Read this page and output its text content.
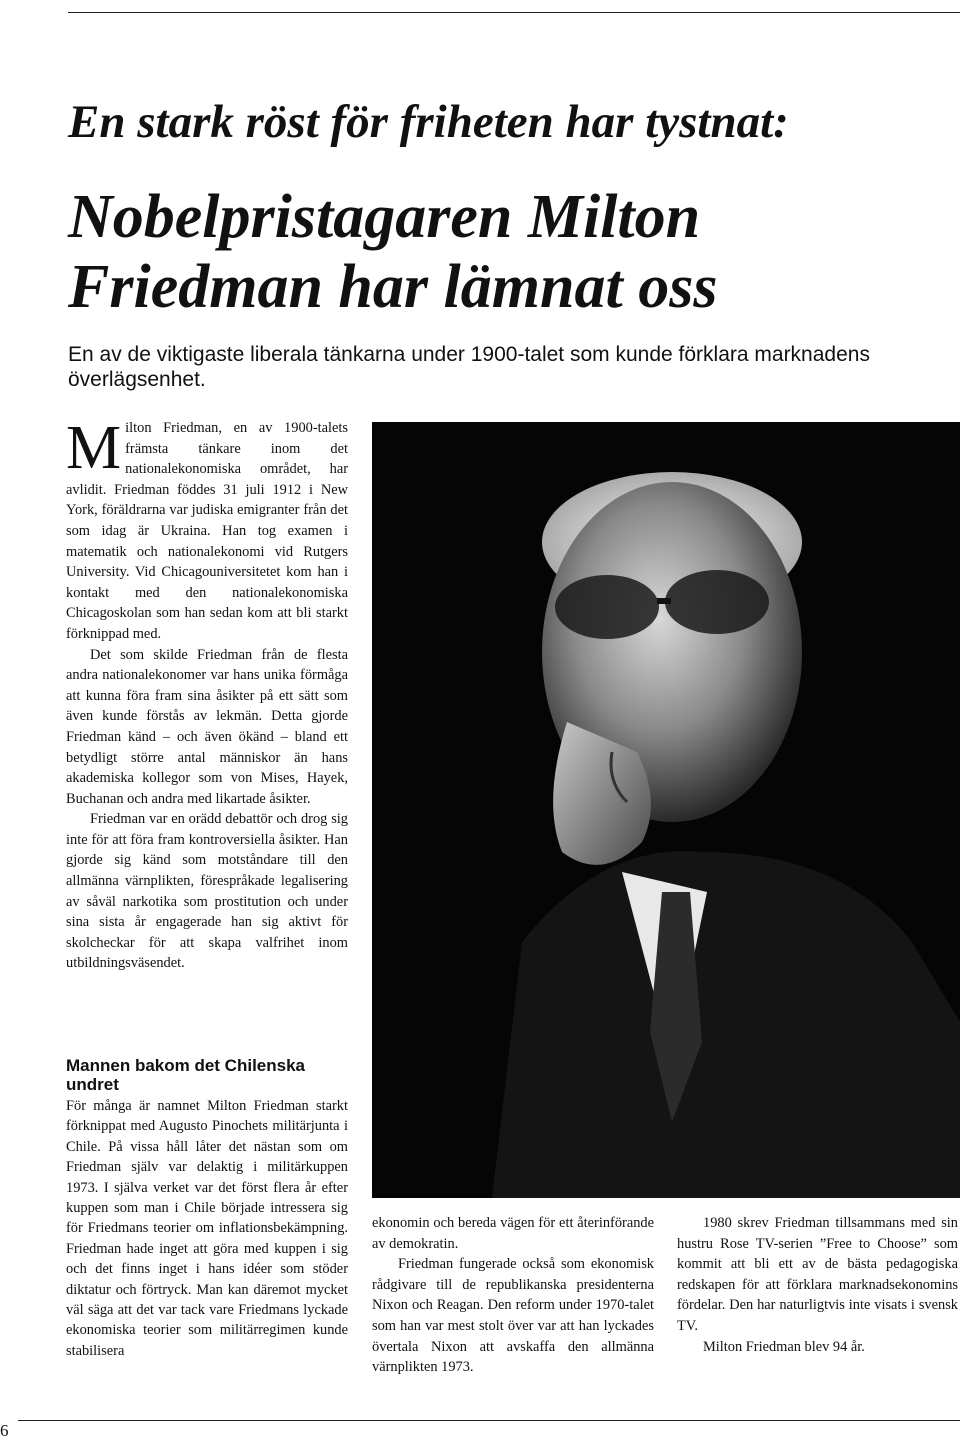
En stark röst för friheten har tystnat:
Nobelpristagaren Milton Friedman har lämnat oss

En av de viktigaste liberala tänkarna under 1900-talet som kunde förklara marknadens överlägsenhet.

Milton Friedman, en av 1900-talets främsta tänkare inom det nationalekonomiska området, har avlidit. Friedman föddes 31 juli 1912 i New York, föräldrarna var judiska emigranter från det som idag är Ukraina. Han tog examen i matematik och nationalekonomi vid Rutgers University. Vid Chicagouniversitetet kom han i kontakt med den nationalekonomiska Chicagoskolan som han sedan kom att bli starkt förknippad med.

Det som skilde Friedman från de flesta andra nationalekonomer var hans unika förmåga att kunna föra fram sina åsikter på ett sätt som även kunde förstås av lekmän. Detta gjorde Friedman känd – och även ökänd – bland ett betydligt större antal människor än hans akademiska kollegor som von Mises, Hayek, Buchanan och andra med likartade åsikter.

Friedman var en orädd debattör och drog sig inte för att föra fram kontroversiella åsikter. Han gjorde sig känd som motståndare till den allmänna värnplikten, förespråkade legalisering av såväl narkotika som prostitution och under sina sista år engagerade han sig aktivt för skolcheckar för att skapa valfrihet inom utbildningsväsendet.

Mannen bakom det Chilenska undret

För många är namnet Milton Friedman starkt förknippat med Augusto Pinochets militärjunta i Chile. På vissa håll låter det nästan som om Friedman själv var delaktig i militärkuppen 1973. I själva verket var det först flera år efter kuppen som man i Chile började intressera sig för Friedmans teorier om inflationsbekämpning. Friedman hade inget att göra med kuppen i sig och det finns inget i hans idéer som stöder diktatur och förtryck. Man kan däremot mycket väl säga att det var tack vare Friedmans lyckade ekonomiska teorier som militärregimen kunde stabilisera

ekonomin och bereda vägen för ett återinförande av demokratin.

Friedman fungerade också som ekonomisk rådgivare till de republikanska presidenterna Nixon och Reagan. Den reform under 1970-talet som han var mest stolt över var att han lyckades övertala Nixon att avskaffa den allmänna värnplikten 1973.

1980 skrev Friedman tillsammans med sin hustru Rose TV-serien ”Free to Choose” som kommit att bli ett av de bästa pedagogiska redskapen för att förklara marknadsekonomins fördelar. Den har naturligtvis inte visats i svensk TV.

Milton Friedman blev 94 år.

6
